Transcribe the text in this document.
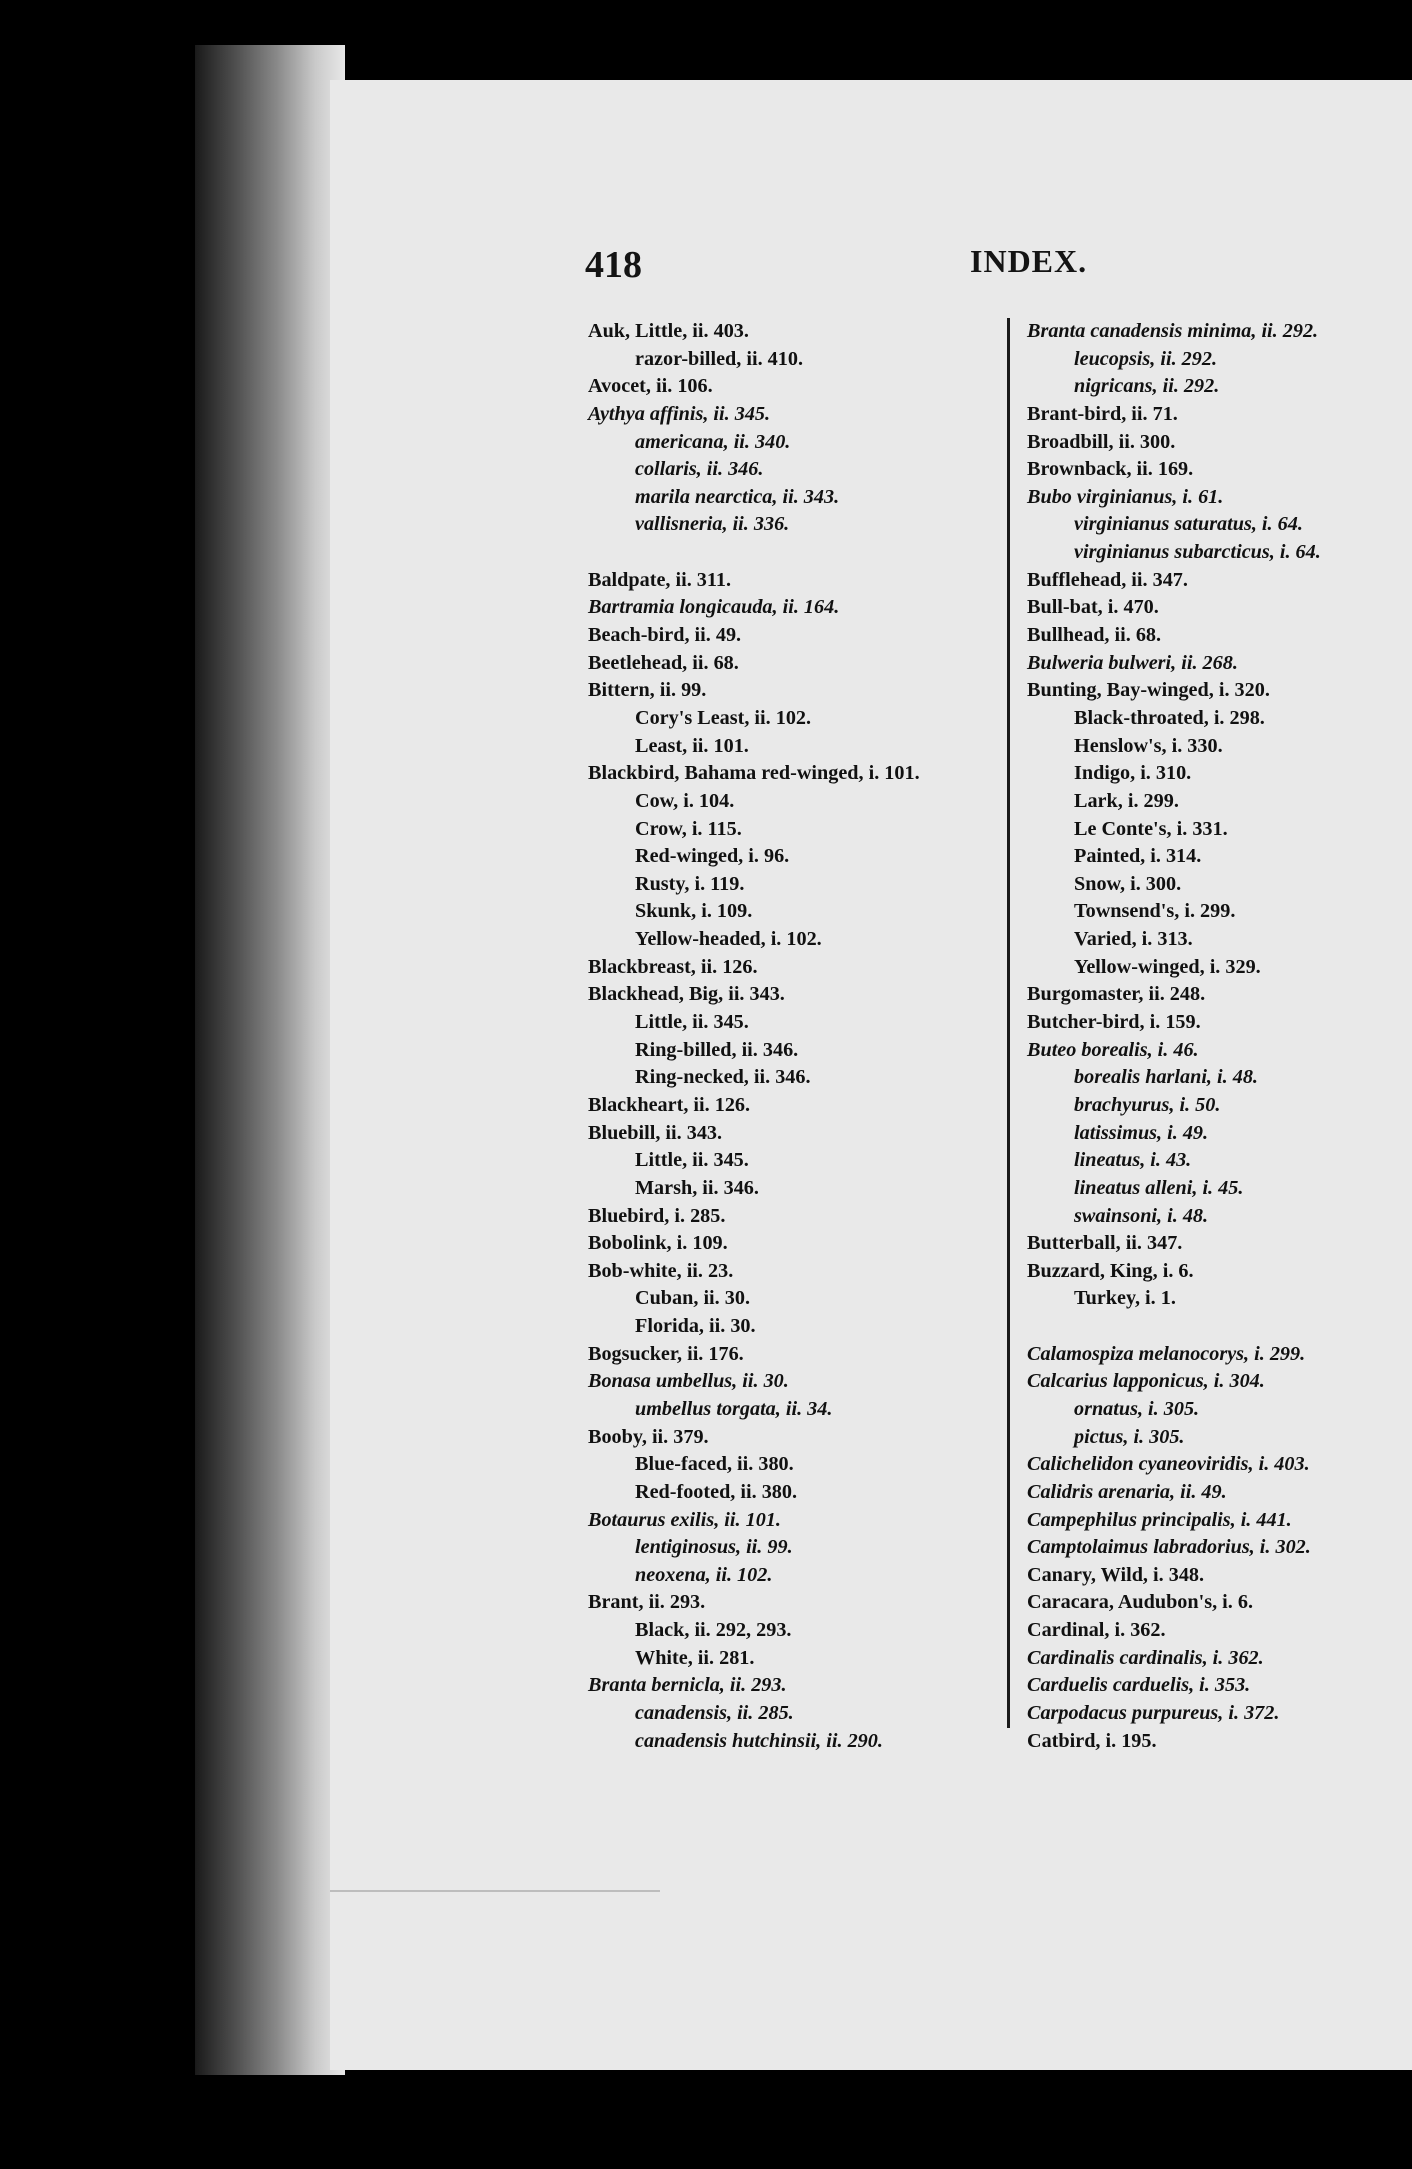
418	INDEX.
Auk, Little, ii. 403.
razor-billed, ii. 410.
Avocet, ii. 106.
Aythya affinis, ii. 345.
americana, ii. 340.
collaris, ii. 346.
marila nearctica, ii. 343.
vallisneria, ii. 336.
Baldpate, ii. 311.
Bartramia longicauda, ii. 164.
Beach-bird, ii. 49.
Beetlehead, ii. 68.
Bittern, ii. 99.
Cory's Least, ii. 102.
Least, ii. 101.
Blackbird, Bahama red-winged, i. 101.
Cow, i. 104.
Crow, i. 115.
Red-winged, i. 96.
Rusty, i. 119.
Skunk, i. 109.
Yellow-headed, i. 102.
Blackbreast, ii. 126.
Blackhead, Big, ii. 343.
Little, ii. 345.
Ring-billed, ii. 346.
Ring-necked, ii. 346.
Blackheart, ii. 126.
Bluebill, ii. 343.
Little, ii. 345.
Marsh, ii. 346.
Bluebird, i. 285.
Bobolink, i. 109.
Bob-white, ii. 23.
Cuban, ii. 30.
Florida, ii. 30.
Bogsucker, ii. 176.
Bonasa umbellus, ii. 30.
umbellus torgata, ii. 34.
Booby, ii. 379.
Blue-faced, ii. 380.
Red-footed, ii. 380.
Botaurus exilis, ii. 101.
lentiginosus, ii. 99.
neoxena, ii. 102.
Brant, ii. 293.
Black, ii. 292, 293.
White, ii. 281.
Branta bernicla, ii. 293.
canadensis, ii. 285.
canadensis hutchinsii, ii. 290.
Branta canadensis minima, ii. 292.
leucopsis, ii. 292.
nigricans, ii. 292.
Brant-bird, ii. 71.
Broadbill, ii. 300.
Brownback, ii. 169.
Bubo virginianus, i. 61.
virginianus saturatus, i. 64.
virginianus subarcticus, i. 64.
Bufflehead, ii. 347.
Bull-bat, i. 470.
Bullhead, ii. 68.
Bulweria bulweri, ii. 268.
Bunting, Bay-winged, i. 320.
Black-throated, i. 298.
Henslow's, i. 330.
Indigo, i. 310.
Lark, i. 299.
Le Conte's, i. 331.
Painted, i. 314.
Snow, i. 300.
Townsend's, i. 299.
Varied, i. 313.
Yellow-winged, i. 329.
Burgomaster, ii. 248.
Butcher-bird, i. 159.
Buteo borealis, i. 46.
borealis harlani, i. 48.
brachyurus, i. 50.
latissimus, i. 49.
lineatus, i. 43.
lineatus alleni, i. 45.
swainsoni, i. 48.
Butterball, ii. 347.
Buzzard, King, i. 6.
Turkey, i. 1.
Calamospiza melanocorys, i. 299.
Calcarius lapponicus, i. 304.
ornatus, i. 305.
pictus, i. 305.
Calichelidon cyaneoviridis, i. 403.
Calidris arenaria, ii. 49.
Campephilus principalis, i. 441.
Camptolaimus labradorius, i. 302.
Canary, Wild, i. 348.
Caracara, Audubon's, i. 6.
Cardinal, i. 362.
Cardinalis cardinalis, i. 362.
Carduelis carduelis, i. 353.
Carpodacus purpureus, i. 372.
Catbird, i. 195.
